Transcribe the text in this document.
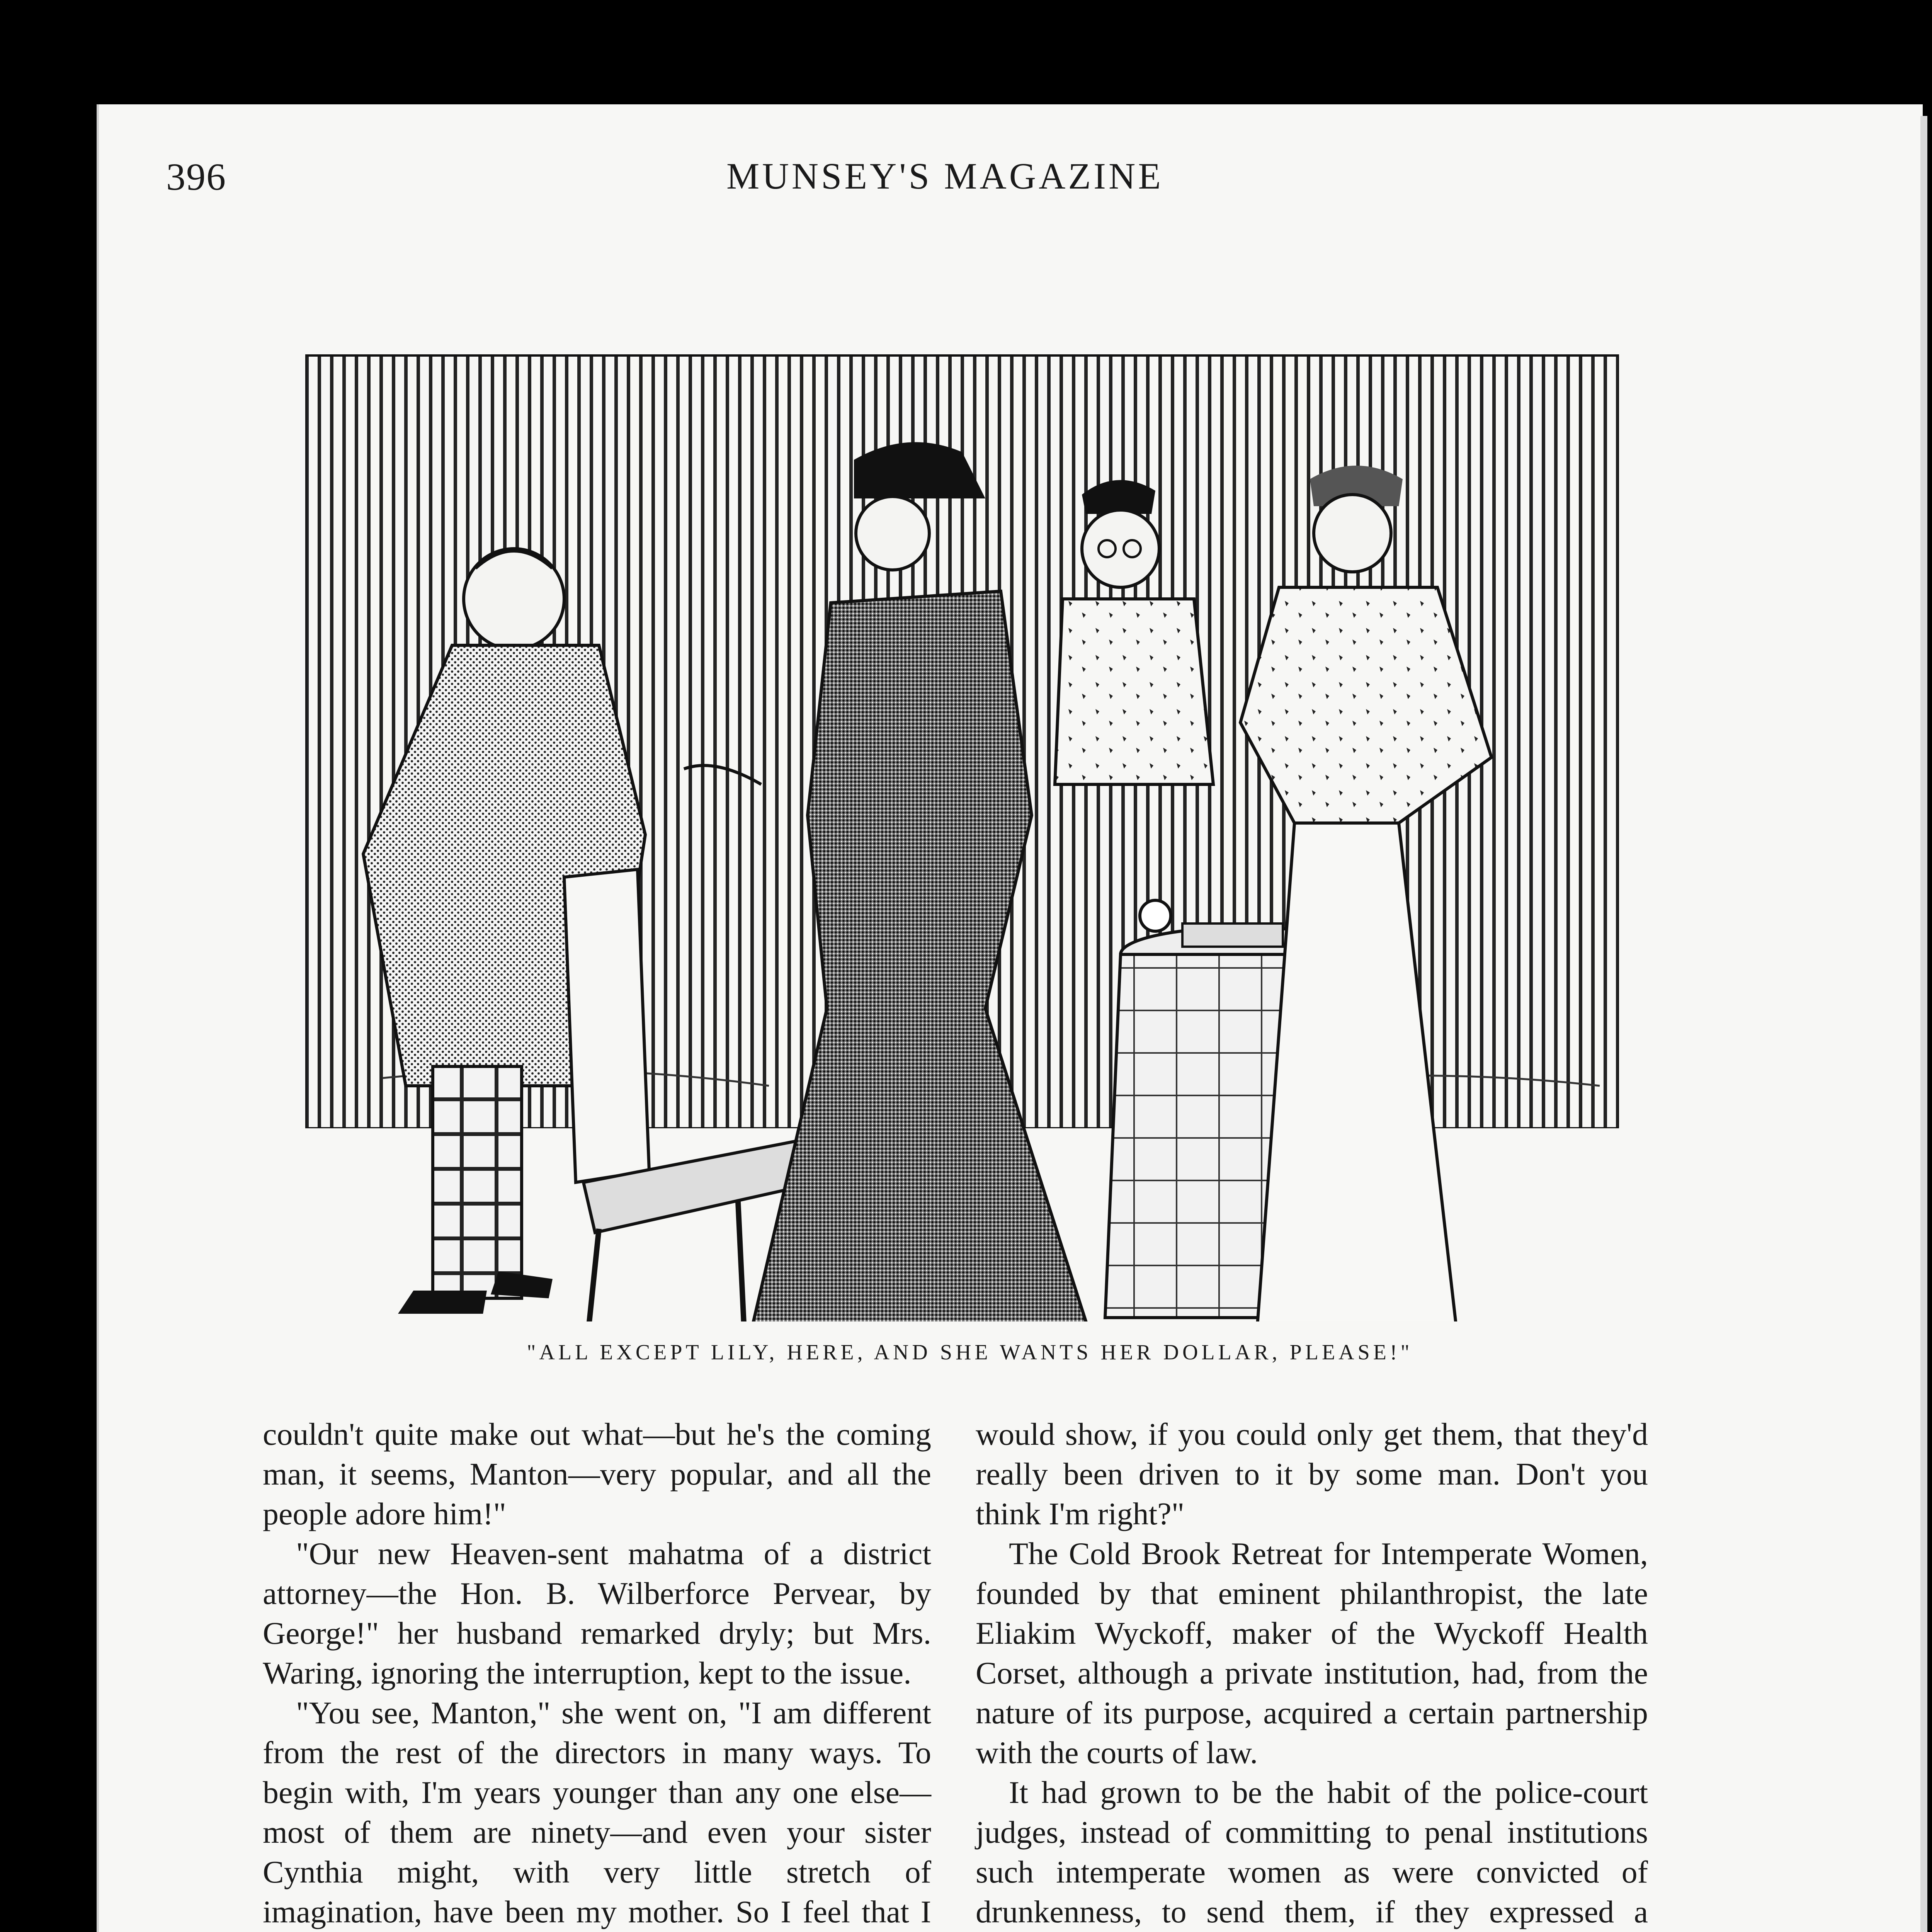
396	MUNSEY'S MAGAZINE
"ALL EXCEPT LILY, HERE, AND SHE WANTS HER DOLLAR, PLEASE!"

couldn't quite make out what—but he's the coming man, it seems, Manton—very popular, and all the people adore him!"

"Our new Heaven-sent mahatma of a district attorney—the Hon. B. Wilberforce Pervear, by George!" her husband remarked dryly; but Mrs. Waring, ignoring the interruption, kept to the issue.

"You see, Manton," she went on, "I am different from the rest of the directors in many ways. To begin with, I'm years younger than any one else—most of them are ninety—and even your sister Cynthia might, with very little stretch of imagination, have been my mother. So I feel that I

would show, if you could only get them, that they'd really been driven to it by some man. Don't you think I'm right?"

The Cold Brook Retreat for Intemperate Women, founded by that eminent philanthropist, the late Eliakim Wyckoff, maker of the Wyckoff Health Corset, although a private institution, had, from the nature of its purpose, acquired a certain partnership with the courts of law.

It had grown to be the habit of the police-court judges, instead of committing to penal institutions such intemperate women as were convicted of drunkenness, to send them, if they expressed a
